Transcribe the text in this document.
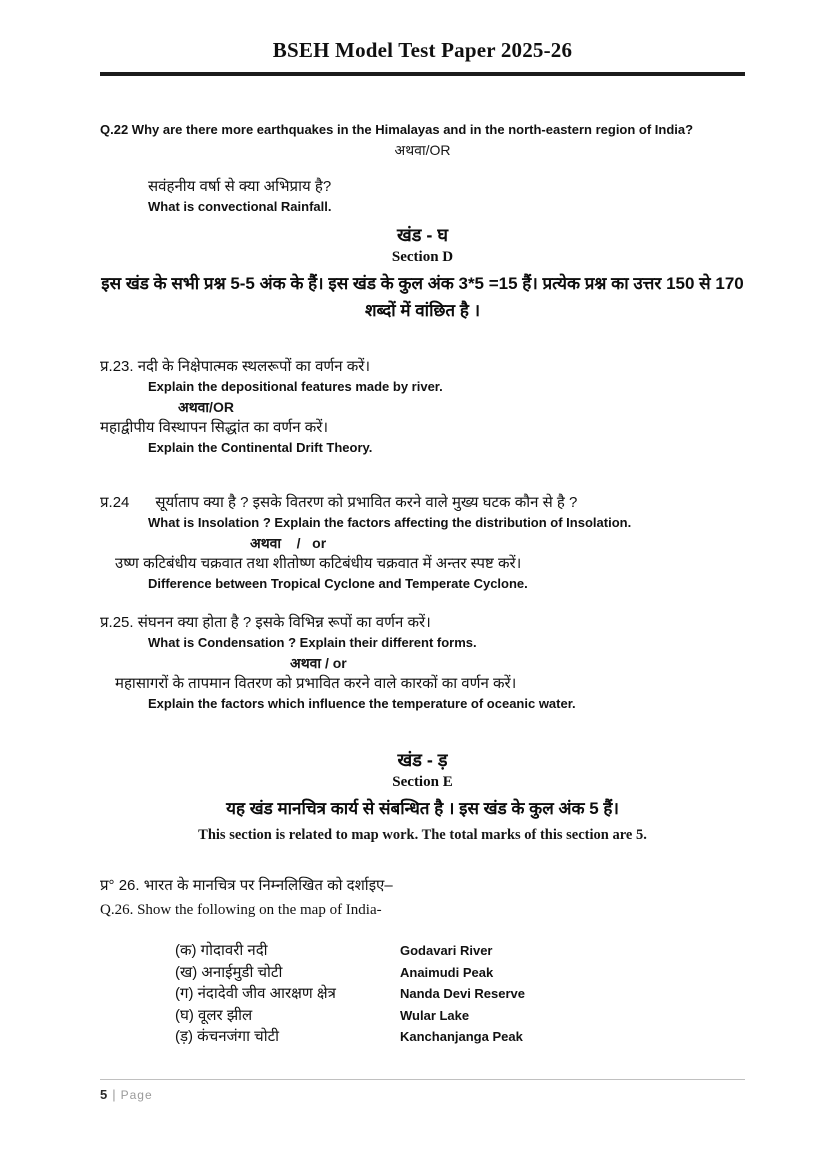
BSEH Model Test Paper 2025-26
Q.22 Why are there more earthquakes in the Himalayas and in the north-eastern region of India?
अथवा/OR
सवंहनीय वर्षा से क्या अभिप्राय है?
What is convectional Rainfall.
खंड - घ
Section D
इस खंड के सभी प्रश्न 5-5 अंक के हैं। इस खंड के कुल अंक 3*5 =15 हैं। प्रत्येक प्रश्न का उत्तर 150 से 170 शब्दों में वांछित है ।
प्र.23. नदी के निक्षेपात्मक स्थलरूपों का वर्णन करें।
Explain the depositional features made by river.
अथवा/OR
महाद्वीपीय विस्थापन सिद्धांत का वर्णन करें।
Explain the Continental Drift Theory.
प्र.24 सूर्याताप क्या है ? इसके वितरण को प्रभावित करने वाले मुख्य घटक कौन से है ?
What is Insolation ? Explain the factors affecting the distribution of Insolation.
अथवा    /   or
उष्ण कटिबंधीय चक्रवात तथा शीतोष्ण कटिबंधीय चक्रवात में अन्तर स्पष्ट करें।
Difference between Tropical Cyclone and Temperate Cyclone.
प्र.25. संघनन क्या होता है ? इसके विभिन्न रूपों का वर्णन करें।
What is Condensation ? Explain their different forms.
अथवा / or
महासागरों के तापमान वितरण को प्रभावित करने वाले कारकों का वर्णन करें।
Explain the factors which influence the temperature of oceanic water.
खंड - ड़
Section E
यह खंड मानचित्र कार्य से संबन्धित है । इस खंड के कुल अंक 5 हैं।
This section is related to map work. The total marks of this section are 5.
प्र° 26. भारत के मानचित्र पर निम्नलिखित को दर्शाइए–
Q.26. Show the following on the map of India-
(क) गोदावरी नदी	Godavari River
(ख) अनाईमुडी चोटी	Anaimudi Peak
(ग) नंदादेवी जीव आरक्षण क्षेत्र	Nanda Devi Reserve
(घ) वूलर झील	Wular Lake
(ड़) कंचनजंगा चोटी	Kanchanjanga Peak
5 | Page
